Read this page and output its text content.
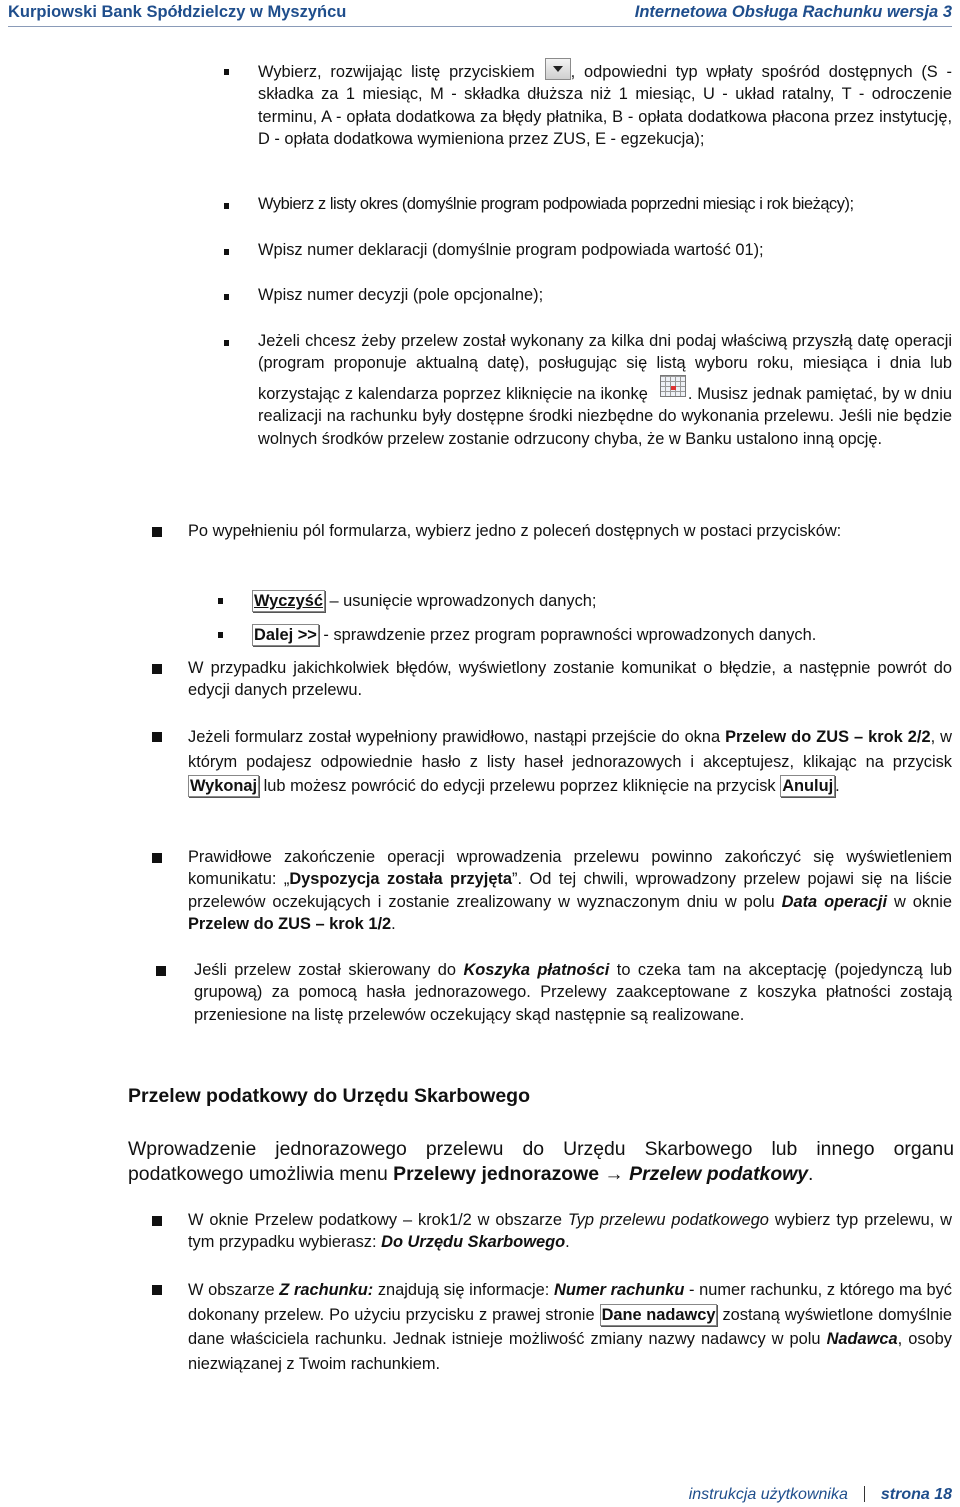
Kurpiowski Bank Spółdzielczy w Myszyńcu	Internetowa Obsługa Rachunku wersja 3
Wybierz, rozwijając listę przyciskiem , odpowiedni typ wpłaty spośród dostępnych (S -składka za 1 miesiąc, M - składka dłuższa niż 1 miesiąc, U - układ ratalny, T - odroczenie terminu, A - opłata dodatkowa za błędy płatnika, B - opłata dodatkowa płacona przez instytucję, D - opłata dodatkowa wymieniona przez ZUS, E - egzekucja);
Wybierz z listy okres (domyślnie program podpowiada poprzedni miesiąc i rok bieżący);
Wpisz numer deklaracji (domyślnie program podpowiada wartość 01);
Wpisz numer decyzji (pole opcjonalne);
Jeżeli chcesz żeby przelew został wykonany za kilka dni podaj właściwą przyszłą datę operacji (program proponuje aktualną datę), posługując się listą wyboru roku, miesiąca i dnia lub korzystając z kalendarza poprzez kliknięcie na ikonkę . Musisz jednak pamiętać, by w dniu realizacji na rachunku były dostępne środki niezbędne do wykonania przelewu. Jeśli nie będzie wolnych środków przelew zostanie odrzucony chyba, że w Banku ustalono inną opcję.
Po wypełnieniu pól formularza, wybierz jedno z poleceń dostępnych w postaci przycisków:
Wyczyść – usunięcie wprowadzonych danych;
Dalej >> - sprawdzenie przez program poprawności wprowadzonych danych.
W przypadku jakichkolwiek błędów, wyświetlony zostanie komunikat o błędzie, a następnie powrót do edycji danych przelewu.
Jeżeli formularz został wypełniony prawidłowo, nastąpi przejście do okna Przelew do ZUS – krok 2/2, w którym podajesz odpowiednie hasło z listy haseł jednorazowych i akceptujesz, klikając na przycisk Wykonaj lub możesz powrócić do edycji przelewu poprzez kliknięcie na przycisk Anuluj .
Prawidłowe zakończenie operacji wprowadzenia przelewu powinno zakończyć się wyświetleniem komunikatu: „Dyspozycja została przyjęta”. Od tej chwili, wprowadzony przelew pojawi się na liście przelewów oczekujących i zostanie zrealizowany w wyznaczonym dniu w polu Data operacji w oknie Przelew do ZUS – krok 1/2.
Jeśli przelew został skierowany do Koszyka płatności to czeka tam na akceptację (pojedynczą lub grupową) za pomocą hasła jednorazowego. Przelewy zaakceptowane z koszyka płatności zostają przeniesione na listę przelewów oczekujący skąd następnie są realizowane.
Przelew podatkowy do Urzędu Skarbowego
Wprowadzenie jednorazowego przelewu do Urzędu Skarbowego lub innego organu podatkowego umożliwia menu Przelewy jednorazowe → Przelew podatkowy.
W oknie Przelew podatkowy – krok1/2 w obszarze Typ przelewu podatkowego wybierz typ przelewu, w tym przypadku wybierasz: Do Urzędu Skarbowego.
W obszarze Z rachunku: znajdują się informacje: Numer rachunku - numer rachunku, z którego ma być dokonany przelew. Po użyciu przycisku z prawej stronie Dane nadawcy zostaną wyświetlone domyślnie dane właściciela rachunku. Jednak istnieje możliwość zmiany nazwy nadawcy w polu Nadawca, osoby niezwiązanej z Twoim rachunkiem.
instrukcja użytkownika strona 18
